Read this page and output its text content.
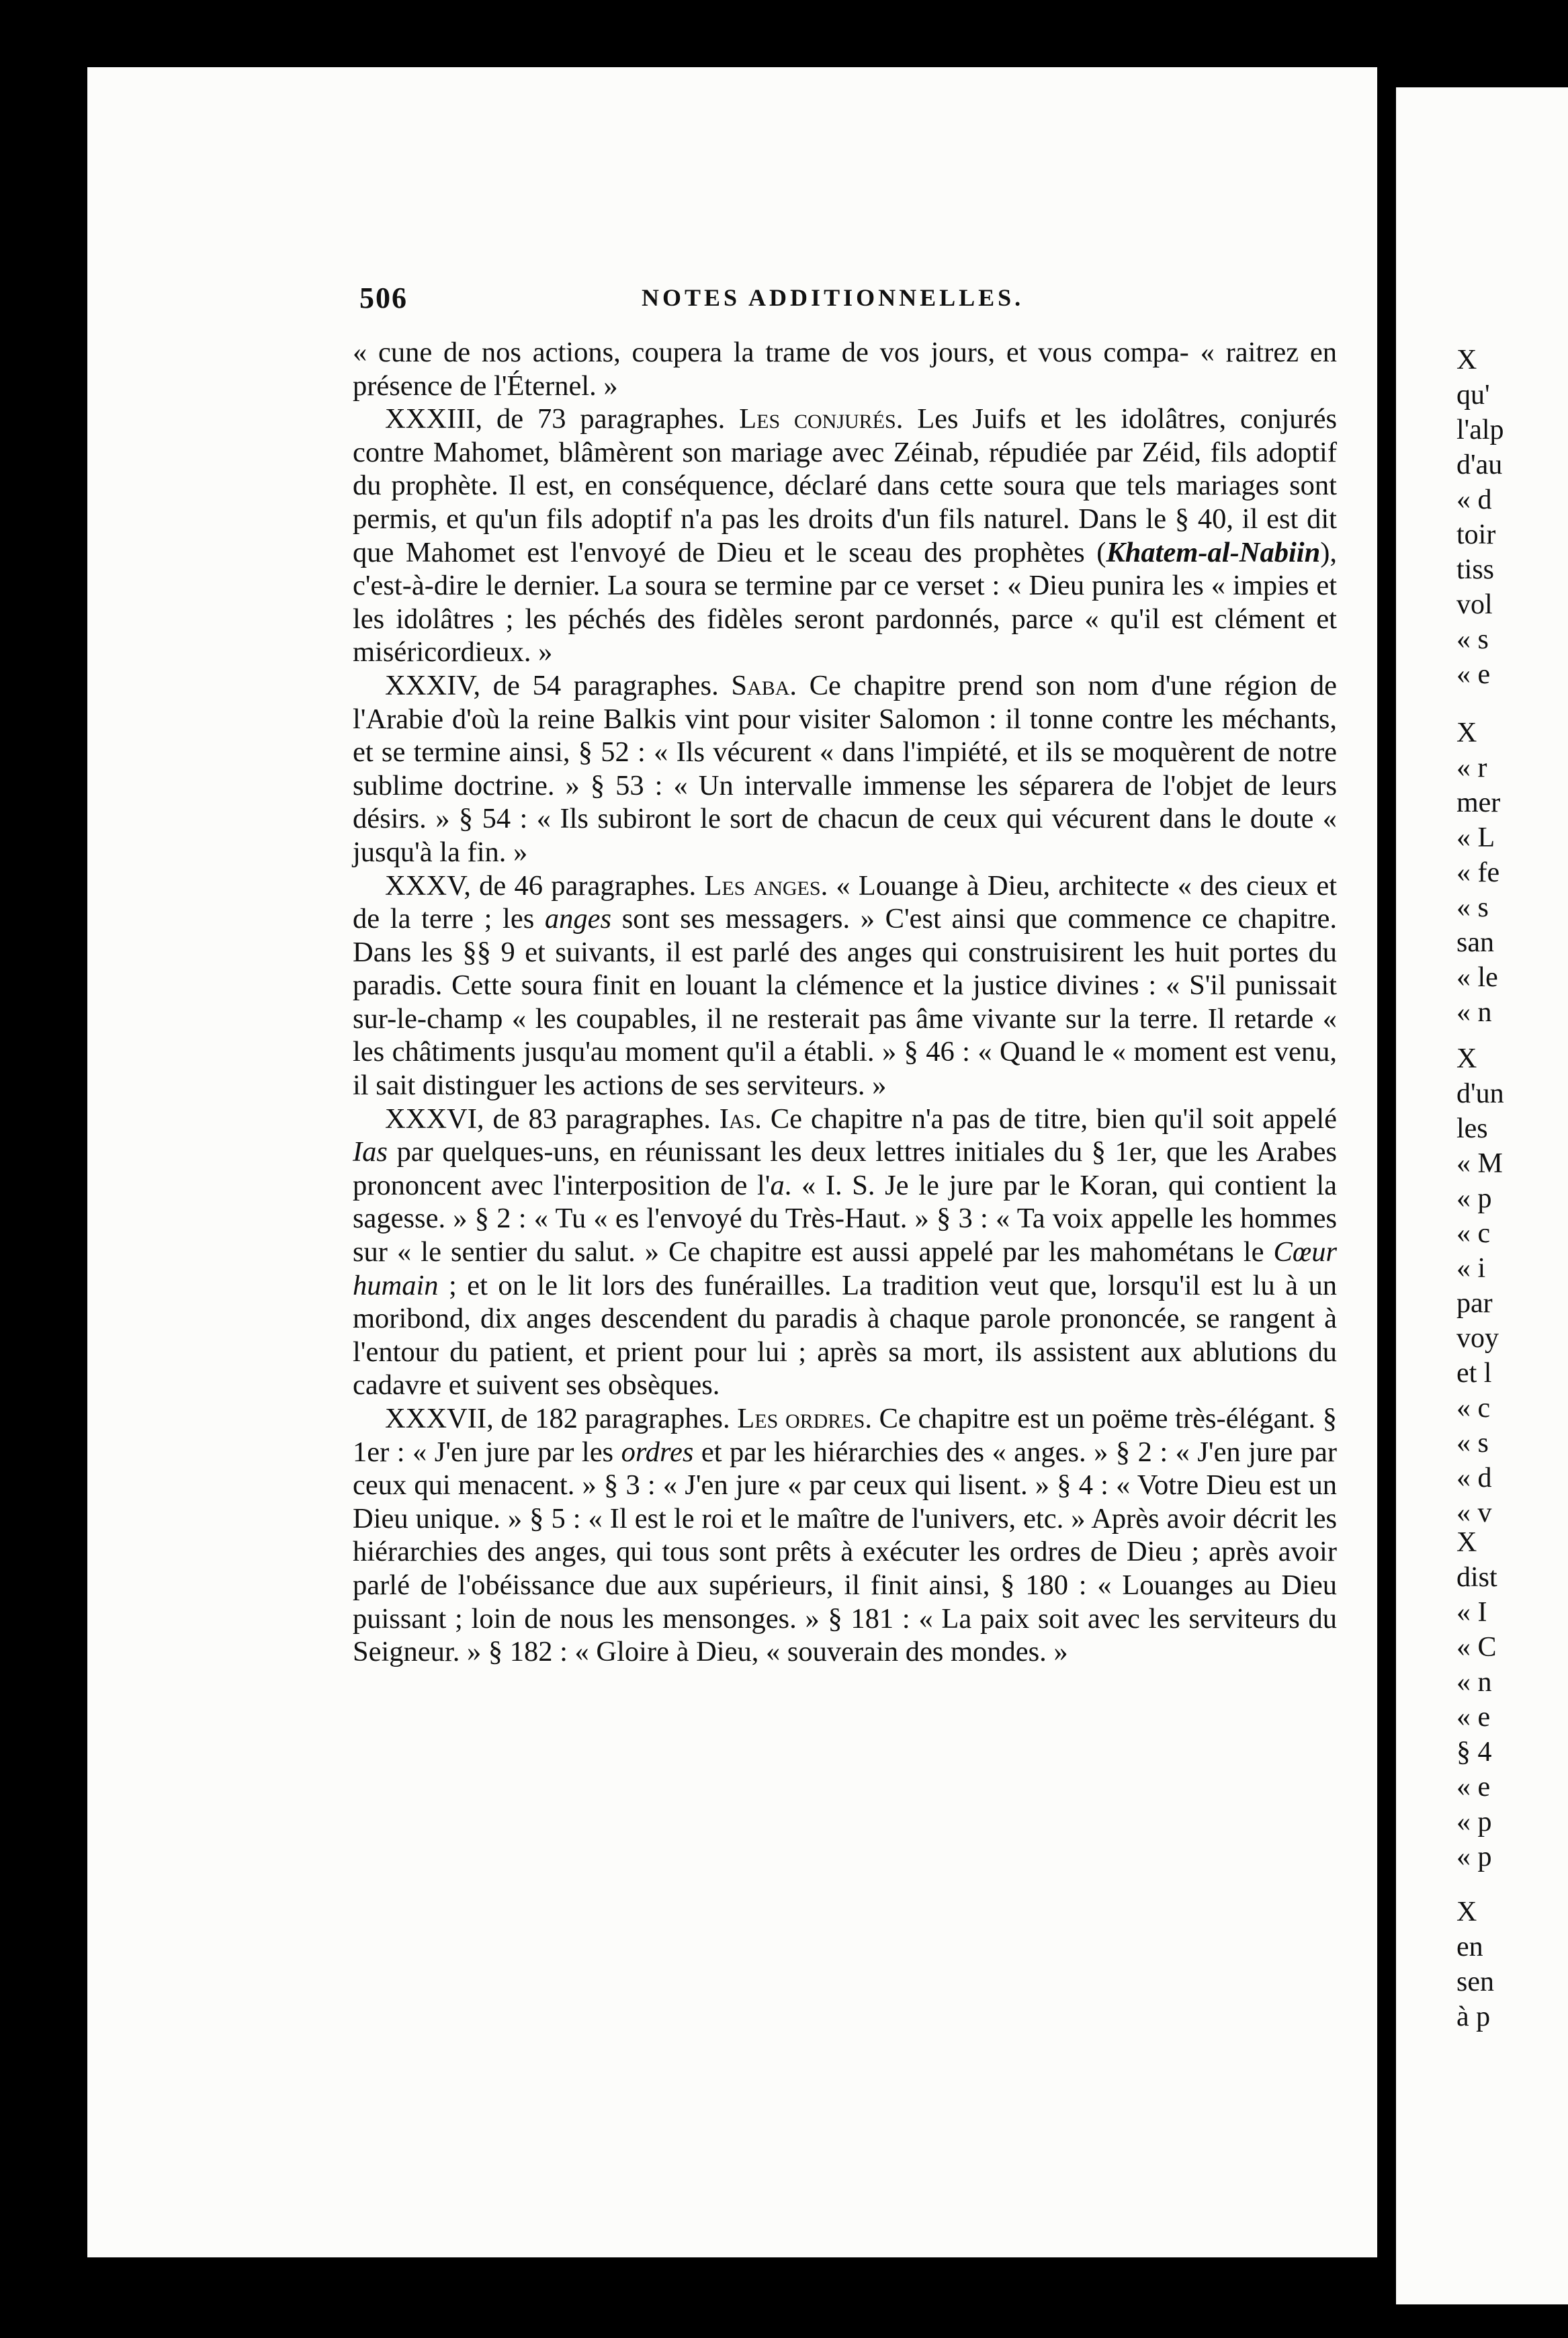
506	NOTES ADDITIONNELLES.

« cune de nos actions, coupera la trame de vos jours, et vous compa- « raitrez en présence de l'Éternel. »

XXXIII, de 73 paragraphes. Les conjurés. Les Juifs et les idolâtres, conjurés contre Mahomet, blâmèrent son mariage avec Zéinab, répudiée par Zéid, fils adoptif du prophète. Il est, en conséquence, déclaré dans cette soura que tels mariages sont permis, et qu'un fils adoptif n'a pas les droits d'un fils naturel. Dans le § 40, il est dit que Mahomet est l'envoyé de Dieu et le sceau des prophètes (Khatem-al-Nabiin), c'est-à-dire le dernier. La soura se termine par ce verset : « Dieu punira les « impies et les idolâtres ; les péchés des fidèles seront pardonnés, parce « qu'il est clément et miséricordieux. »

XXXIV, de 54 paragraphes. Saba. Ce chapitre prend son nom d'une région de l'Arabie d'où la reine Balkis vint pour visiter Salomon : il tonne contre les méchants, et se termine ainsi, § 52 : « Ils vécurent « dans l'impiété, et ils se moquèrent de notre sublime doctrine. » § 53 : « Un intervalle immense les séparera de l'objet de leurs désirs. » § 54 : « Ils subiront le sort de chacun de ceux qui vécurent dans le doute « jusqu'à la fin. »

XXXV, de 46 paragraphes. Les anges. « Louange à Dieu, architecte « des cieux et de la terre ; les anges sont ses messagers. » C'est ainsi que commence ce chapitre. Dans les §§ 9 et suivants, il est parlé des anges qui construisirent les huit portes du paradis. Cette soura finit en louant la clémence et la justice divines : « S'il punissait sur-le-champ « les coupables, il ne resterait pas âme vivante sur la terre. Il retarde « les châtiments jusqu'au moment qu'il a établi. » § 46 : « Quand le « moment est venu, il sait distinguer les actions de ses serviteurs. »

XXXVI, de 83 paragraphes. Ias. Ce chapitre n'a pas de titre, bien qu'il soit appelé Ias par quelques-uns, en réunissant les deux lettres initiales du § 1er, que les Arabes prononcent avec l'interposition de l'a. « I. S. Je le jure par le Koran, qui contient la sagesse. » § 2 : « Tu « es l'envoyé du Très-Haut. » § 3 : « Ta voix appelle les hommes sur « le sentier du salut. » Ce chapitre est aussi appelé par les mahométans le Cœur humain ; et on le lit lors des funérailles. La tradition veut que, lorsqu'il est lu à un moribond, dix anges descendent du paradis à chaque parole prononcée, se rangent à l'entour du patient, et prient pour lui ; après sa mort, ils assistent aux ablutions du cadavre et suivent ses obsèques.

XXXVII, de 182 paragraphes. Les ordres. Ce chapitre est un poëme très-élégant. § 1er : « J'en jure par les ordres et par les hiérarchies des « anges. » § 2 : « J'en jure par ceux qui menacent. » § 3 : « J'en jure « par ceux qui lisent. » § 4 : « Votre Dieu est un Dieu unique. » § 5 : « Il est le roi et le maître de l'univers, etc. » Après avoir décrit les hiérarchies des anges, qui tous sont prêts à exécuter les ordres de Dieu ; après avoir parlé de l'obéissance due aux supérieurs, il finit ainsi, § 180 : « Louanges au Dieu puissant ; loin de nous les mensonges. » § 181 : « La paix soit avec les serviteurs du Seigneur. » § 182 : « Gloire à Dieu, « souverain des mondes. »

X
qu'
l'alp
d'au
« d
toir
tiss
vol
« s
« e
X
« r
mer
« L
« fe
« s
san
« le
« n
X
d'un
les
« M
« p
« c
« i
par
voy
et l
« c
« s
« d
« v
X
dist
« I
« C
« n
« e
§ 4
« e
« p
« p
X
en
sen
à p
